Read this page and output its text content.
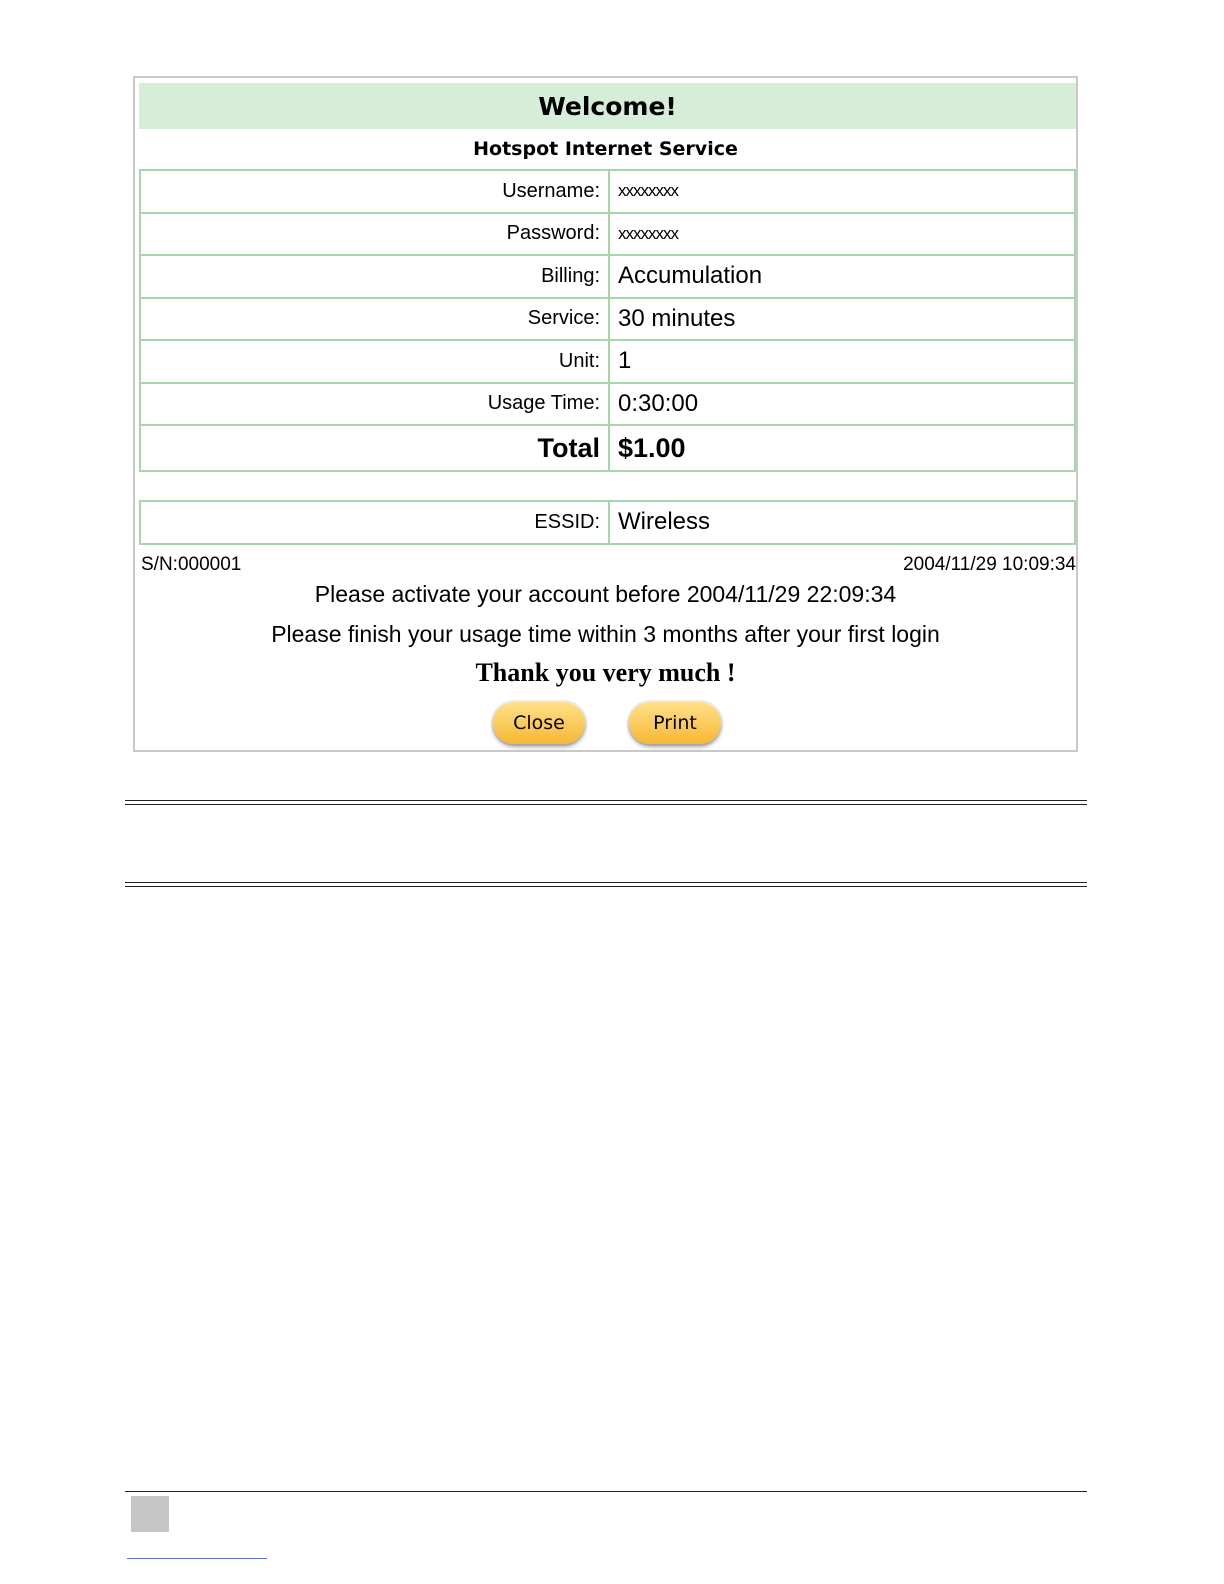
Welcome!
Hotspot Internet Service
Username:	xxxxxxxx
Password:	xxxxxxxx
Billing:	Accumulation
Service:	30 minutes
Unit:	1
Usage Time:	0:30:00
Total	$1.00
ESSID:	Wireless
S/N:000001	2004/11/29 10:09:34
Please activate your account before 2004/11/29 22:09:34
Please finish your usage time within 3 months after your first login
Thank you very much !
Close	Print
